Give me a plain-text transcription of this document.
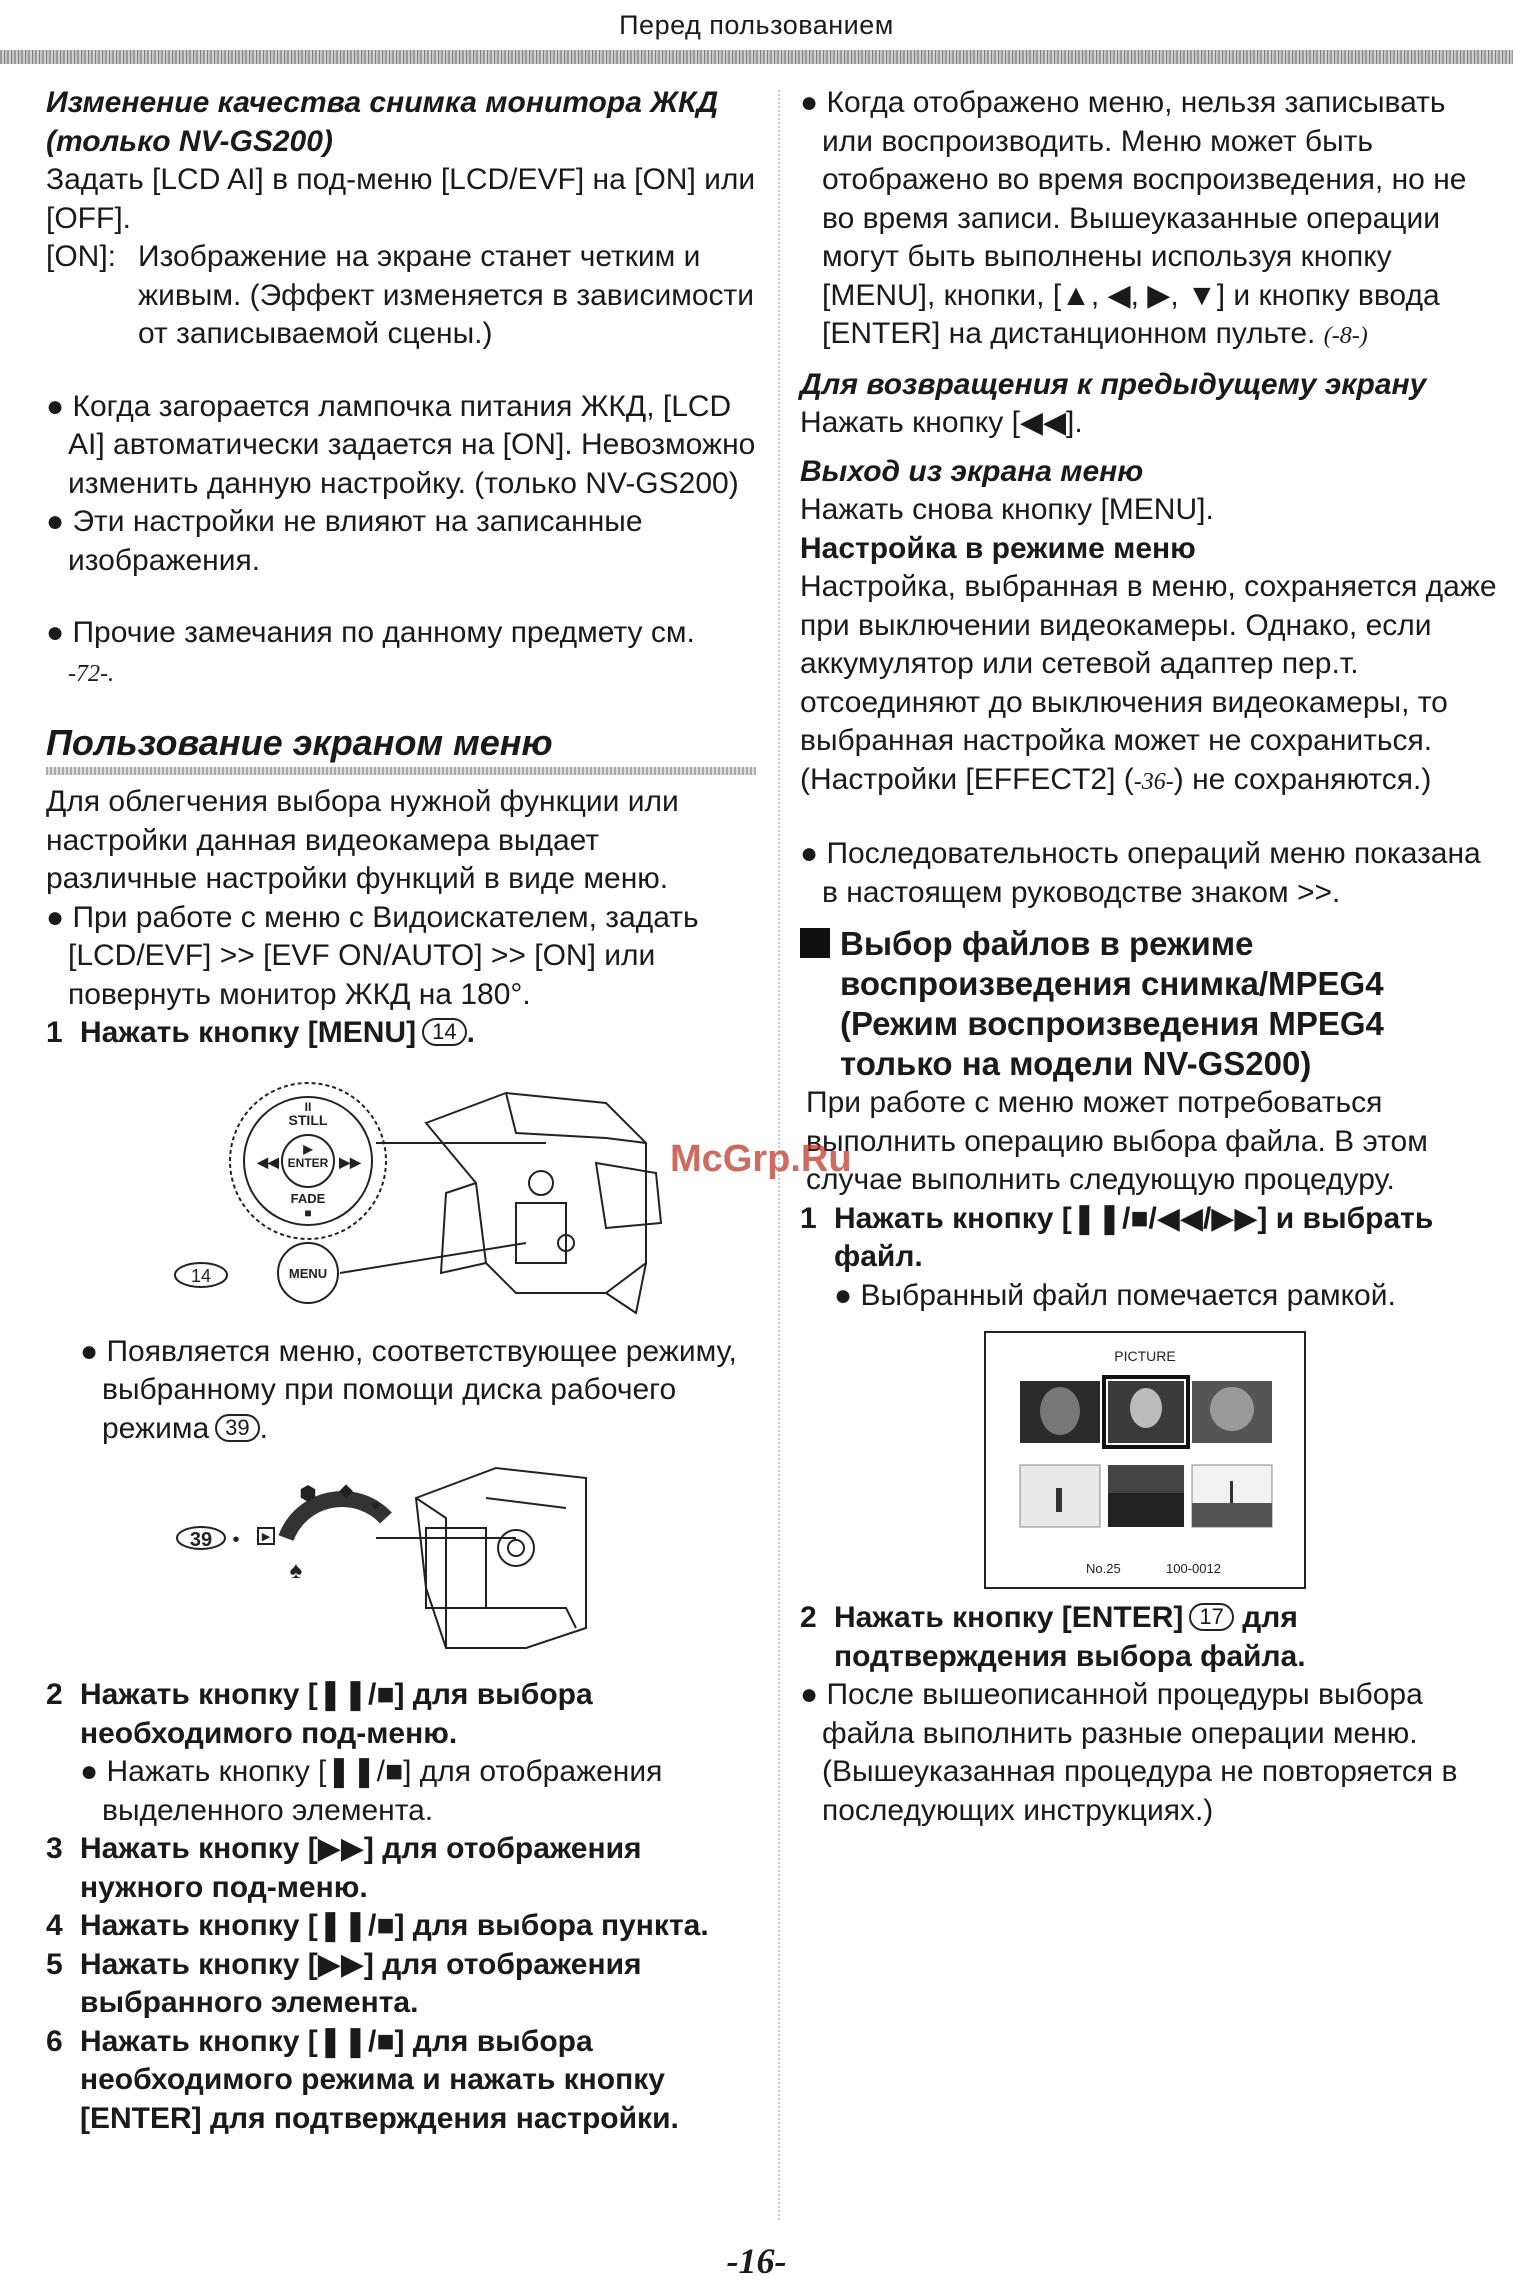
Перед пользованием

Изменение качества снимка монитора ЖКД

(только NV-GS200)

Задать [LCD AI] в под-меню [LCD/EVF] на [ON] или [OFF].

[ON]: Изображение на экране станет четким и живым. (Эффект изменяется в зависимости от записываемой сцены.)

● Когда загорается лампочка питания ЖКД, [LCD AI] автоматически задается на [ON]. Невозможно изменить данную настройку. (только NV-GS200)

● Эти настройки не влияют на записанные изображения.

● Прочие замечания по данному предмету см.
-72-.

Пользование экраном меню

Для облегчения выбора нужной функции или настройки данная видеокамера выдает различные настройки функций в виде меню.

● При работе с меню с Видоискателем, задать [LCD/EVF] >> [EVF ON/AUTO] >> [ON] или повернуть монитор ЖКД на 180°.

1 Нажать кнопку [MENU] 14 .

II
STILL
▶
ENTER
◀◀	▶▶
FADE
■
MENU
14

● Появляется меню, соответствующее режиму, выбранному при помощи диска рабочего режима 39 .

39 • ▶
⬢ ◆
●
♠

2 Нажать кнопку [❚❚/■] для выбора необходимого под-меню.

● Нажать кнопку [❚❚/■] для отображения выделенного элемента.

3 Нажать кнопку [▶▶] для отображения нужного под-меню.

4 Нажать кнопку [❚❚/■] для выбора пункта.

5 Нажать кнопку [▶▶] для отображения выбранного элемента.

6 Нажать кнопку [❚❚/■] для выбора необходимого режима и нажать кнопку [ENTER] для подтверждения настройки.

● Когда отображено меню, нельзя записывать или воспроизводить. Меню может быть отображено во время воспроизведения, но не во время записи. Вышеуказанные операции могут быть выполнены используя кнопку [MENU], кнопки, [▲, ◀, ▶, ▼] и кнопку ввода [ENTER] на дистанционном пульте. (-8-)

Для возвращения к предыдущему экрану

Нажать кнопку [◀◀].

Выход из экрана меню

Нажать снова кнопку [MENU].

Настройка в режиме меню

Настройка, выбранная в меню, сохраняется даже при выключении видеокамеры. Однако, если аккумулятор или сетевой адаптер пер.т. отсоединяют до выключения видеокамеры, то выбранная настройка может не сохраниться. (Настройки [EFFECT2] (-36-) не сохраняются.)

● Последовательность операций меню показана в настоящем руководстве знаком >>.

Выбор файлов в режиме воспроизведения снимка/MPEG4 (Режим воспроизведения MPEG4 только на модели NV-GS200)

При работе с меню может потребоваться выполнить операцию выбора файла. В этом случае выполнить следующую процедуру.

1 Нажать кнопку [❚❚/■/◀◀/▶▶] и выбрать файл.

● Выбранный файл помечается рамкой.

PICTURE
No.25	100-0012

2 Нажать кнопку [ENTER] 17 для подтверждения выбора файла.

● После вышеописанной процедуры выбора файла выполнить разные операции меню. (Вышеуказанная процедура не повторяется в последующих инструкциях.)

McGrp.Ru
-16-
